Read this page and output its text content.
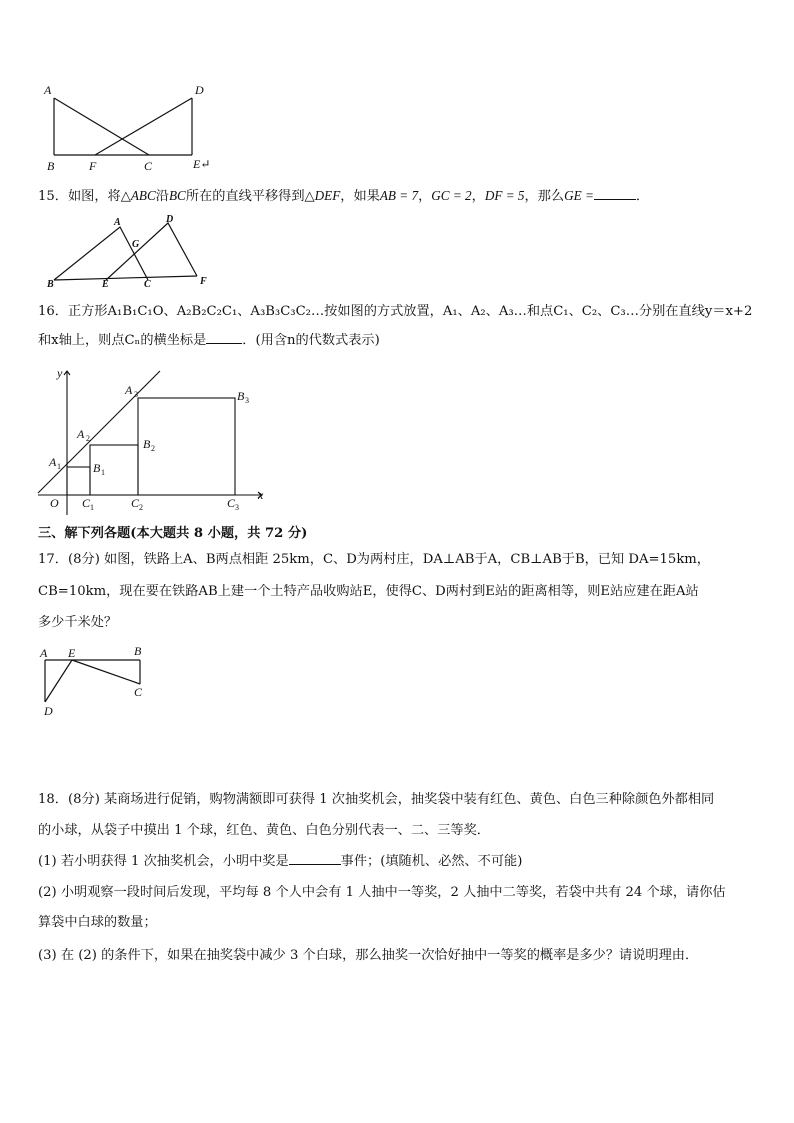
A	D
B	F	C	E↵
15．如图，将△ABC沿BC所在的直线平移得到△DEF，如果AB = 7，GC = 2，DF = 5，那么GE =	．
A	D
G
B	E	C	F
16．正方形A₁B₁C₁O、A₂B₂C₂C₁、A₃B₃C₃C₂…按如图的方式放置，A₁、A₂、A₃…和点C₁、C₂、C₃…分别在直线y＝x+2
和x轴上，则点Cₙ的横坐标是	．(用含n的代数式表示)
y
x
O
A 1
A 2
A 3
B 1
B 2
B 3
C 1	C 2	C 3
三、解下列各题(本大题共 8 小题，共 72 分)
17．(8分) 如图，铁路上A、B两点相距 25km，C、D为两村庄，DA⊥AB于A，CB⊥AB于B，已知 DA=15km，
CB=10km，现在要在铁路AB上建一个土特产品收购站E，使得C、D两村到E站的距离相等，则E站应建在距A站
多少千米处？
A E	B
C
D
18．(8分) 某商场进行促销，购物满额即可获得 1 次抽奖机会，抽奖袋中装有红色、黄色、白色三种除颜色外都相同
的小球，从袋子中摸出 1 个球，红色、黄色、白色分别代表一、二、三等奖．
(1) 若小明获得 1 次抽奖机会，小明中奖是	事件；(填随机、必然、不可能)
(2) 小明观察一段时间后发现，平均每 8 个人中会有 1 人抽中一等奖，2 人抽中二等奖，若袋中共有 24 个球，请你估
算袋中白球的数量；
(3) 在 (2) 的条件下，如果在抽奖袋中减少 3 个白球，那么抽奖一次恰好抽中一等奖的概率是多少？请说明理由．
